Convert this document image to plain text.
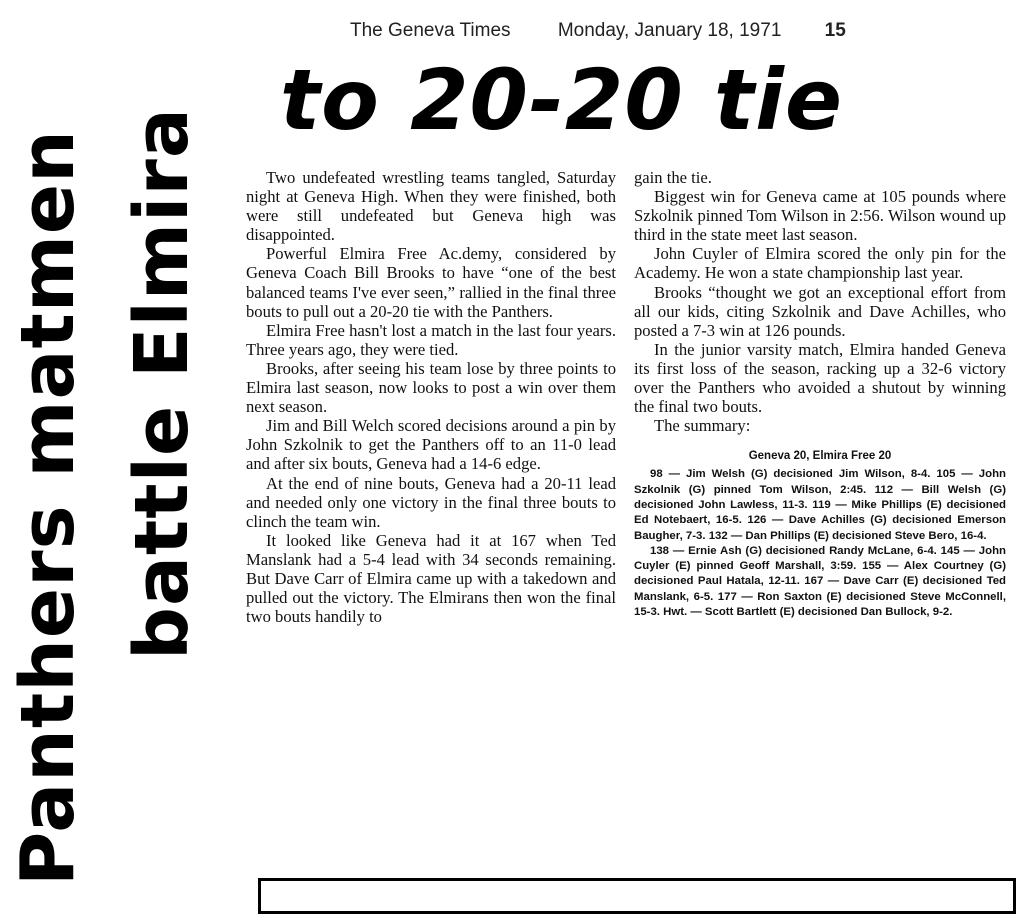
Panthers matmen battle Elmira
The Geneva Times Monday, January 18, 1971 15
to 20-20 tie

Two undefeated wrestling teams tangled, Saturday night at Geneva High. When they were finished, both were still undefeated but Geneva high was disappointed.

Powerful Elmira Free Ac.demy, considered by Geneva Coach Bill Brooks to have “one of the best balanced teams I've ever seen,” rallied in the final three bouts to pull out a 20-20 tie with the Panthers.

Elmira Free hasn't lost a match in the last four years. Three years ago, they were tied.

Brooks, after seeing his team lose by three points to Elmira last season, now looks to post a win over them next season.

Jim and Bill Welch scored decisions around a pin by John Szkolnik to get the Panthers off to an 11-0 lead and after six bouts, Geneva had a 14-6 edge.

At the end of nine bouts, Geneva had a 20-11 lead and needed only one victory in the final three bouts to clinch the team win.

It looked like Geneva had it at 167 when Ted Manslank had a 5-4 lead with 34 seconds remaining. But Dave Carr of Elmira came up with a takedown and pulled out the victory. The Elmirans then won the final two bouts handily to

gain the tie.

Biggest win for Geneva came at 105 pounds where Szkolnik pinned Tom Wilson in 2:56. Wilson wound up third in the state meet last season.

John Cuyler of Elmira scored the only pin for the Academy. He won a state championship last year.

Brooks “thought we got an exceptional effort from all our kids, citing Szkolnik and Dave Achilles, who posted a 7-3 win at 126 pounds.

In the junior varsity match, Elmira handed Geneva its first loss of the season, racking up a 32-6 victory over the Panthers who avoided a shutout by winning the final two bouts.

The summary:

Geneva 20, Elmira Free 20

98 — Jim Welsh (G) decisioned Jim Wilson, 8-4. 105 — John Szkolnik (G) pinned Tom Wilson, 2:45. 112 — Bill Welsh (G) decisioned John Lawless, 11-3. 119 — Mike Phillips (E) decisioned Ed Notebaert, 16-5. 126 — Dave Achilles (G) decisioned Emerson Baugher, 7-3. 132 — Dan Phillips (E) decisioned Steve Bero, 16-4.

138 — Ernie Ash (G) decisioned Randy McLane, 6-4. 145 — John Cuyler (E) pinned Geoff Marshall, 3:59. 155 — Alex Courtney (G) decisioned Paul Hatala, 12-11. 167 — Dave Carr (E) decisioned Ted Manslank, 6-5. 177 — Ron Saxton (E) decisioned Steve McConnell, 15-3. Hwt. — Scott Bartlett (E) decisioned Dan Bullock, 9-2.
